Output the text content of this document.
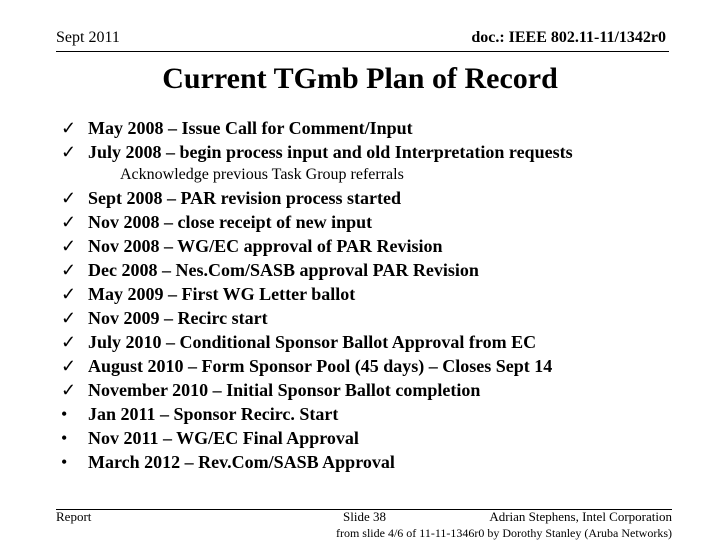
Sept 2011	doc.: IEEE 802.11-11/1342r0
Current TGmb Plan of Record
✓ May 2008 – Issue Call for Comment/Input
✓ July 2008 – begin process input and old Interpretation requests
Acknowledge previous Task Group referrals
✓ Sept 2008 – PAR revision process started
✓ Nov 2008 – close receipt of new input
✓ Nov 2008 – WG/EC approval of PAR Revision
✓ Dec 2008 – Nes.Com/SASB approval PAR Revision
✓ May 2009 – First WG Letter ballot
✓ Nov 2009 – Recirc start
✓ July 2010 – Conditional Sponsor Ballot Approval from EC
✓ August 2010 – Form Sponsor Pool (45 days) – Closes Sept 14
✓ November 2010 – Initial Sponsor Ballot completion
•	Jan 2011 – Sponsor Recirc. Start
•	Nov 2011 – WG/EC Final Approval
•	March 2012 – Rev.Com/SASB Approval
Report	Slide 38	Adrian Stephens, Intel Corporation
from slide 4/6 of 11-11-1346r0 by Dorothy Stanley (Aruba Networks)
